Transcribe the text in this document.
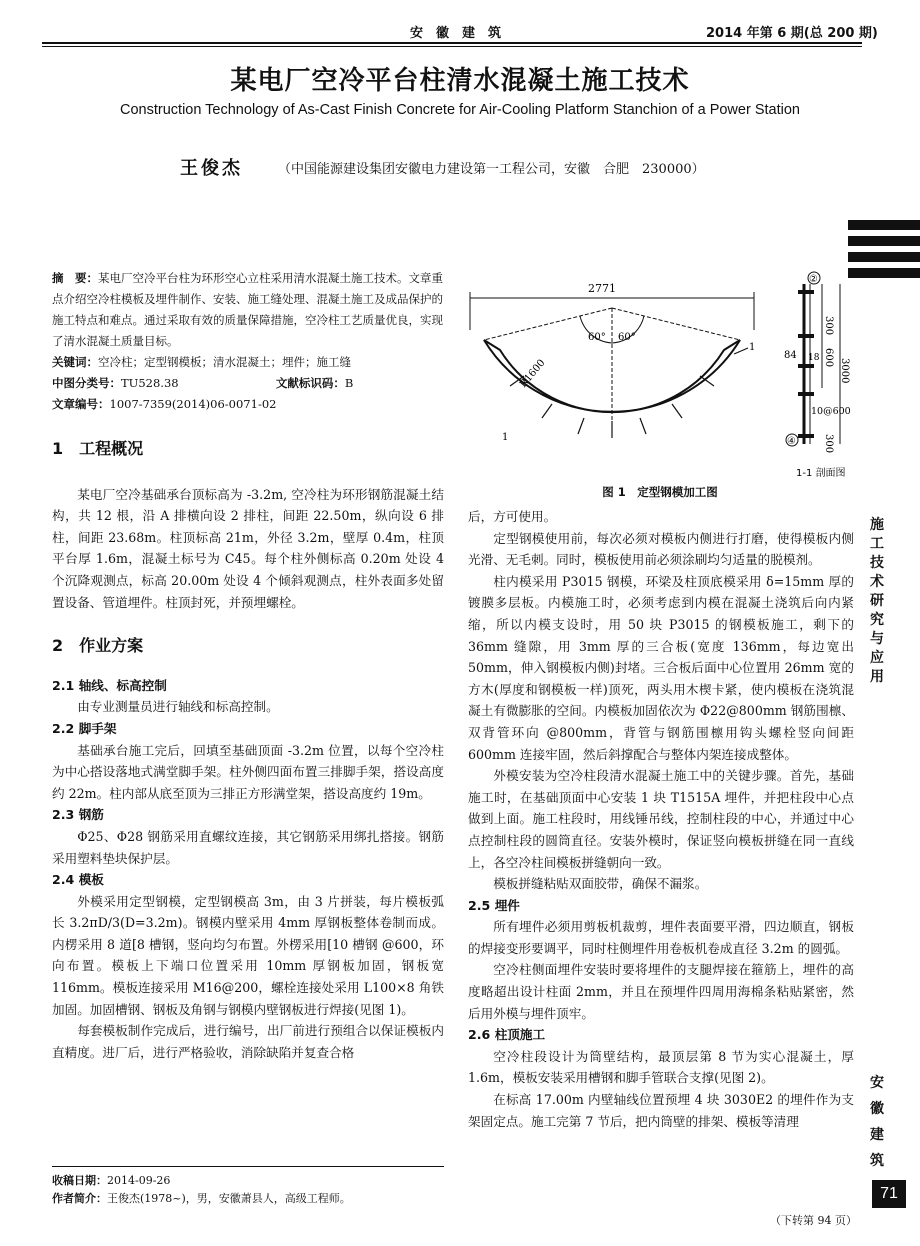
安　徽　建　筑	2014 年第 6 期(总 200 期)
某电厂空冷平台柱清水混凝土施工技术
Construction Technology of As-Cast Finish Concrete for Air-Cooling Platform Stanchion of a Power Station
王俊杰	（中国能源建设集团安徽电力建设第一工程公司，安徽　合肥　230000）
施工技术研究与应用
安徽建筑
71
摘　要：某电厂空冷平台柱为环形空心立柱采用清水混凝土施工技术。文章重点介绍空冷柱模板及埋件制作、安装、施工缝处理、混凝土施工及成品保护的施工特点和难点。通过采取有效的质量保障措施，空冷柱工艺质量优良，实现了清水混凝土质量目标。
关键词：空冷柱；定型钢模板；清水混凝土；埋件；施工缝
中图分类号：TU528.38	文献标识码：B
文章编号：1007-7359(2014)06-0071-02
1　工程概况

某电厂空冷基础承台顶标高为 -3.2m, 空冷柱为环形钢筋混凝土结构，共 12 根，沿 A 排横向设 2 排柱，间距 22.50m，纵向设 6 排柱，间距 23.68m。柱顶标高 21m，外径 3.2m，壁厚 0.4m，柱顶平台厚 1.6m，混凝土标号为 C45。每个柱外侧标高 0.20m 处设 4 个沉降观测点，标高 20.00m 处设 4 个倾斜观测点，柱外表面多处留置设备、管道埋件。柱顶封死，并预埋螺栓。

2　作业方案
2.1 轴线、标高控制

由专业测量员进行轴线和标高控制。

2.2 脚手架

基础承台施工完后，回填至基础顶面 -3.2m 位置，以每个空冷柱为中心搭设落地式满堂脚手架。柱外侧四面布置三排脚手架，搭设高度约 22m。柱内部从底至顶为三排正方形满堂架，搭设高度约 19m。

2.3 钢筋

Φ25、Φ28 钢筋采用直螺纹连接，其它钢筋采用绑扎搭接。钢筋采用塑料垫块保护层。

2.4 模板

外模采用定型钢模，定型钢模高 3m，由 3 片拼装，每片模板弧长 3.2πD/3(D=3.2m)。钢模内壁采用 4mm 厚钢板整体卷制而成。内楞采用 8 道[8 槽钢，竖向均匀布置。外楞采用[10 槽钢 @600，环向布置。模板上下端口位置采用 10mm 厚钢板加固，钢板宽 116mm。模板连接采用 M16@200，螺栓连接处采用 L100×8 角铁加固。加固槽钢、钢板及角钢与钢模内壁钢板进行焊接(见图 1)。

每套模板制作完成后，进行编号，出厂前进行预组合以保证模板内直精度。进厂后，进行严格验收，消除缺陷并复查合格

收稿日期：2014-09-26
作者简介：王俊杰(1978~)，男，安徽萧县人，高级工程师。
2771
60° 60°
R1600
1
1
②
300
600
3000
84 18
10@600
300
④
1-1 剖面图
图 1　定型钢模加工图

后，方可使用。

定型钢模使用前，每次必须对模板内侧进行打磨，使得模板内侧光滑、无毛刺。同时，模板使用前必须涂刷均匀适量的脱模剂。

柱内模采用 P3015 钢模，环梁及柱顶底模采用 δ=15mm 厚的镀膜多层板。内模施工时，必须考虑到内模在混凝土浇筑后向内紧缩，所以内模支设时，用 50 块 P3015 的钢模板施工，剩下的 36mm 缝隙，用 3mm 厚的三合板(宽度 136mm，每边宽出 50mm，伸入钢模板内侧)封堵。三合板后面中心位置用 26mm 宽的方木(厚度和钢模板一样)顶死，两头用木楔卡紧，使内模板在浇筑混凝土有微膨胀的空间。内模板加固依次为 Φ22@800mm 钢筋围檩、双背管环向 @800mm，背管与钢筋围檩用钩头螺栓竖向间距 600mm 连接牢固，然后斜撑配合与整体内架连接成整体。

外模安装为空冷柱段清水混凝土施工中的关键步骤。首先，基础施工时，在基础顶面中心安装 1 块 T1515A 埋件，并把柱段中心点做到上面。施工柱段时，用线锤吊线，控制柱段的中心，并通过中心点控制柱段的圆筒直径。安装外模时，保证竖向模板拼缝在同一直线上，各空冷柱间模板拼缝朝向一致。

模板拼缝粘贴双面胶带，确保不漏浆。

2.5 埋件

所有埋件必须用剪板机裁剪，埋件表面要平滑，四边顺直，钢板的焊接变形要调平，同时柱侧埋件用卷板机卷成直径 3.2m 的圆弧。

空冷柱侧面埋件安装时要将埋件的支腿焊接在箍筋上，埋件的高度略超出设计柱面 2mm，并且在预埋件四周用海棉条粘贴紧密，然后用外模与埋件顶牢。

2.6 柱顶施工

空冷柱段设计为筒壁结构，最顶层第 8 节为实心混凝土，厚 1.6m，模板安装采用槽钢和脚手管联合支撑(见图 2)。

在标高 17.00m 内壁轴线位置预埋 4 块 3030E2 的埋件作为支架固定点。施工完第 7 节后，把内筒壁的排架、模板等清理

（下转第 94 页）
